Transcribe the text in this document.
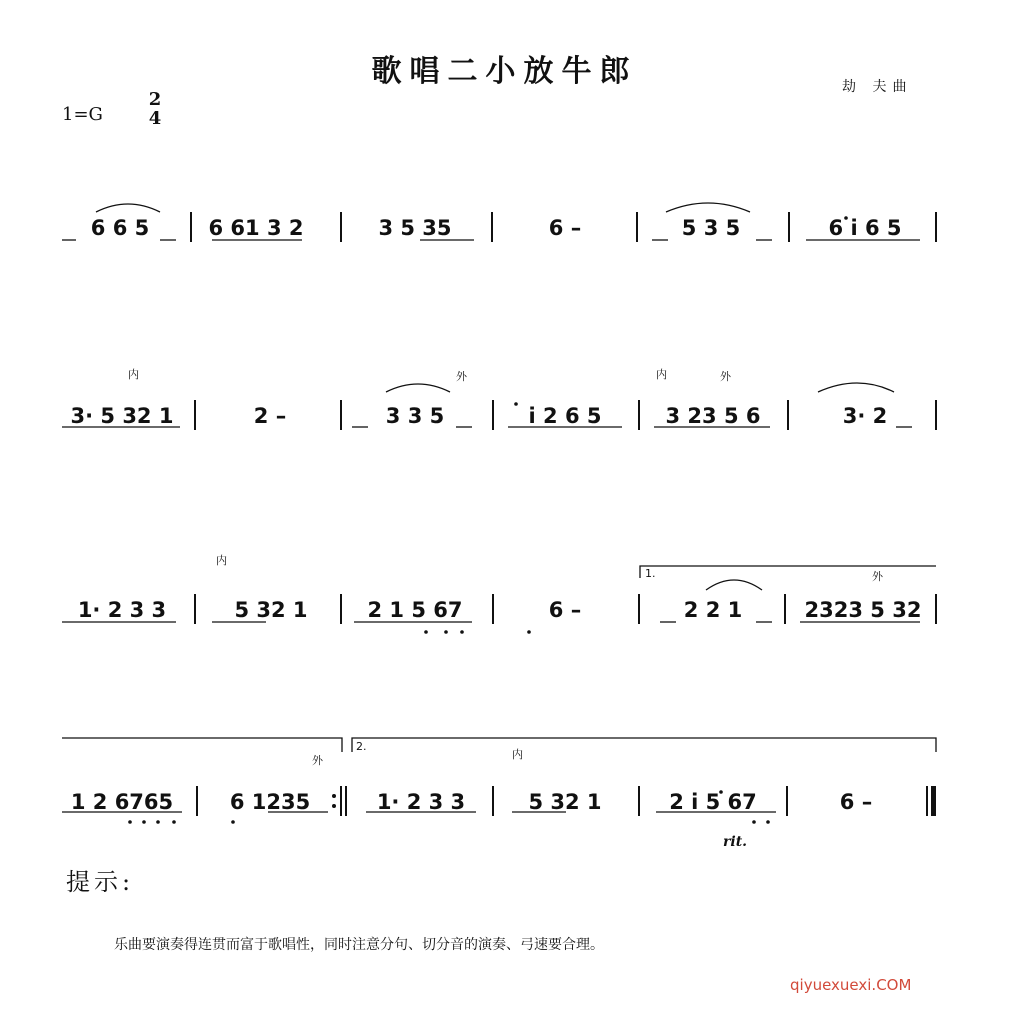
歌唱二小放牛郎	劫 夫曲
1=G
2
4
6 6 5	6 61 3 2	3 5 35	6 –	5 3 5	6 i 6 5
3· 5 32 1	2 –	3 3 5	i 2 6 5	3 23 5 6	3· 2
1· 2 3 3	5 32 1	2 1 5 67	6 –	2 2 1	2323 5 32
1 2 6765	6 1235	1· 2 3 3	5 32 1	2 i 5 67	6 –
内	外	内	外
内
外
外	内
1.
2.
rit.
提示:
乐曲要演奏得连贯而富于歌唱性，同时注意分句、切分音的演奏、弓速要合理。
qiyuexuexi.COM
